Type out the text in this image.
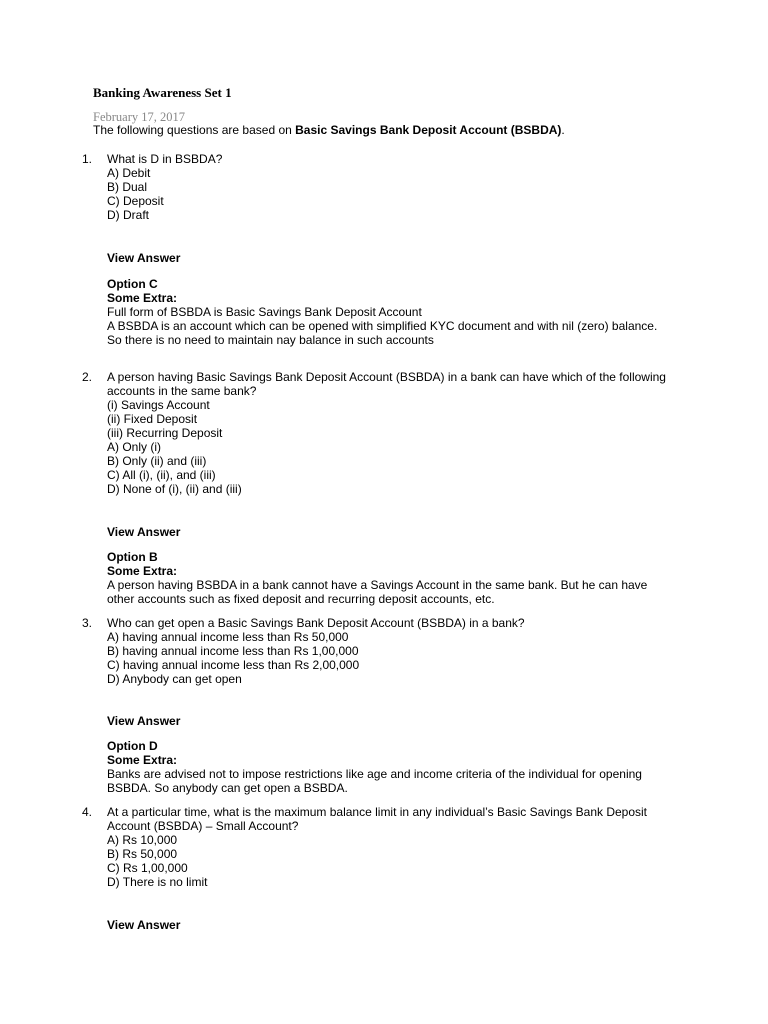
Banking Awareness Set 1
February 17, 2017
The following questions are based on Basic Savings Bank Deposit Account (BSBDA).
1. What is D in BSBDA?
A) Debit
B) Dual
C) Deposit
D) Draft
View Answer
Option C
Some Extra:
Full form of BSBDA is Basic Savings Bank Deposit Account
A BSBDA is an account which can be opened with simplified KYC document and with nil (zero) balance. So there is no need to maintain nay balance in such accounts
2. A person having Basic Savings Bank Deposit Account (BSBDA) in a bank can have which of the following accounts in the same bank?
(i) Savings Account
(ii) Fixed Deposit
(iii) Recurring Deposit
A) Only (i)
B) Only (ii) and (iii)
C) All (i), (ii), and (iii)
D) None of (i), (ii) and (iii)
View Answer
Option B
Some Extra:
A person having BSBDA in a bank cannot have a Savings Account in the same bank. But he can have other accounts such as fixed deposit and recurring deposit accounts, etc.
3. Who can get open a Basic Savings Bank Deposit Account (BSBDA) in a bank?
A) having annual income less than Rs 50,000
B) having annual income less than Rs 1,00,000
C) having annual income less than Rs 2,00,000
D) Anybody can get open
View Answer
Option D
Some Extra:
Banks are advised not to impose restrictions like age and income criteria of the individual for opening BSBDA. So anybody can get open a BSBDA.
4. At a particular time, what is the maximum balance limit in any individual’s Basic Savings Bank Deposit Account (BSBDA) – Small Account?
A) Rs 10,000
B) Rs 50,000
C) Rs 1,00,000
D) There is no limit
View Answer
